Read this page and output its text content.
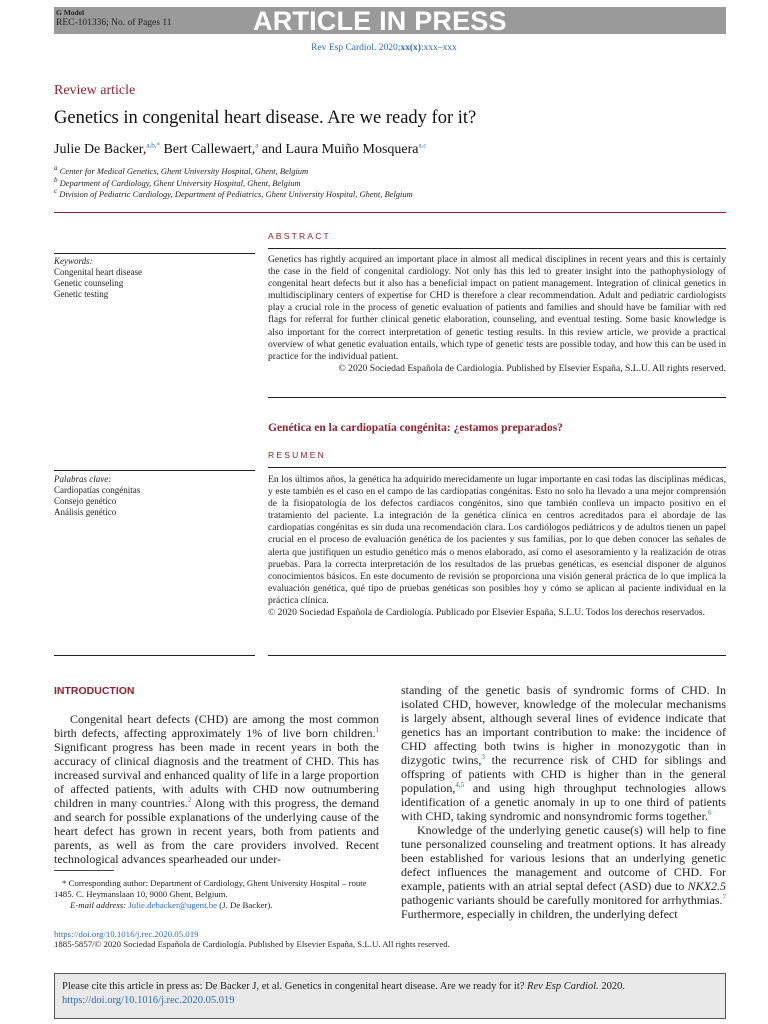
G Model
REC-101336; No. of Pages 11	ARTICLE IN PRESS
Rev Esp Cardiol. 2020;xx(x):xxx–xxx
Review article
Genetics in congenital heart disease. Are we ready for it?
Julie De Backer,$^{a,b,*}$ Bert Callewaert,$^a$ and Laura Muiño Mosquera$^{a,c}$
$^a$ Center for Medical Genetics, Ghent University Hospital, Ghent, Belgium
$^b$ Department of Cardiology, Ghent University Hospital, Ghent, Belgium
$^c$ Division of Pediatric Cardiology, Department of Pediatrics, Ghent University Hospital, Ghent, Belgium
ABSTRACT
Keywords:
Congenital heart disease
Genetic counseling
Genetic testing

Genetics has rightly acquired an important place in almost all medical disciplines in recent years and this is certainly the case in the field of congenital cardiology. Not only has this led to greater insight into the pathophysiology of congenital heart defects but it also has a beneficial impact on patient management. Integration of clinical genetics in multidisciplinary centers of expertise for CHD is therefore a clear recommendation. Adult and pediatric cardiologists play a crucial role in the process of genetic evaluation of patients and families and should have be familiar with red flags for referral for further clinical genetic elaboration, counseling, and eventual testing. Some basic knowledge is also important for the correct interpretation of genetic testing results. In this review article, we provide a practical overview of what genetic evaluation entails, which type of genetic tests are possible today, and how this can be used in practice for the individual patient.

© 2020 Sociedad Española de Cardiología. Published by Elsevier España, S.L.U. All rights reserved.

Genética en la cardiopatía congénita: ¿estamos preparados?
RESUMEN
Palabras clave:
Cardiopatías congénitas
Consejo genético
Análisis genético

En los últimos años, la genética ha adquirido merecidamente un lugar importante en casi todas las disciplinas médicas, y este también es el caso en el campo de las cardiopatías congénitas. Esto no solo ha llevado a una mejor comprensión de la fisiopatología de los defectos cardiacos congénitos, sino que también conlleva un impacto positivo en el tratamiento del paciente. La integración de la genética clínica en centros acreditados para el abordaje de las cardiopatías congénitas es sin duda una recomendación clara. Los cardiólogos pediátricos y de adultos tienen un papel crucial en el proceso de evaluación genética de los pacientes y sus familias, por lo que deben conocer las señales de alerta que justifiquen un estudio genético más o menos elaborado, así como el asesoramiento y la realización de otras pruebas. Para la correcta interpretación de los resultados de las pruebas genéticas, es esencial disponer de algunos conocimientos básicos. En este documento de revisión se proporciona una visión general práctica de lo que implica la evaluación genética, qué tipo de pruebas genéticas son posibles hoy y cómo se aplican al paciente individual en la práctica clínica.

© 2020 Sociedad Española de Cardiología. Publicado por Elsevier España, S.L.U. Todos los derechos reservados.

INTRODUCTION

Congenital heart defects (CHD) are among the most common birth defects, affecting approximately 1% of live born children.$^1$ Significant progress has been made in recent years in both the accuracy of clinical diagnosis and the treatment of CHD. This has increased survival and enhanced quality of life in a large proportion of affected patients, with adults with CHD now outnumbering children in many countries.$^2$ Along with this progress, the demand and search for possible explanations of the underlying cause of the heart defect has grown in recent years, both from patients and parents, as well as from the care providers involved. Recent technological advances spearheaded our under-

standing of the genetic basis of syndromic forms of CHD. In isolated CHD, however, knowledge of the molecular mechanisms is largely absent, although several lines of evidence indicate that genetics has an important contribution to make: the incidence of CHD affecting both twins is higher in monozygotic than in dizygotic twins,$^3$ the recurrence risk of CHD for siblings and offspring of patients with CHD is higher than in the general population,$^{4,5}$ and using high throughput technologies allows identification of a genetic anomaly in up to one third of patients with CHD, taking syndromic and nonsyndromic forms together.$^6$

Knowledge of the underlying genetic cause(s) will help to fine tune personalized counseling and treatment options. It has already been established for various lesions that an underlying genetic defect influences the management and outcome of CHD. For example, patients with an atrial septal defect (ASD) due to NKX2.5 pathogenic variants should be carefully monitored for arrhythmias.$^7$ Furthermore, especially in children, the underlying defect

* Corresponding author: Department of Cardiology, Ghent University Hospital – route 1485. C. Heymanslaan 10, 9000 Ghent, Belgium.
E-mail address: Julie.debacker@ugent.be (J. De Backer).
https://doi.org/10.1016/j.rec.2020.05.019
1885-5857/© 2020 Sociedad Española de Cardiología. Published by Elsevier España, S.L.U. All rights reserved.
Please cite this article in press as: De Backer J, et al. Genetics in congenital heart disease. Are we ready for it? Rev Esp Cardiol. 2020.
https://doi.org/10.1016/j.rec.2020.05.019
